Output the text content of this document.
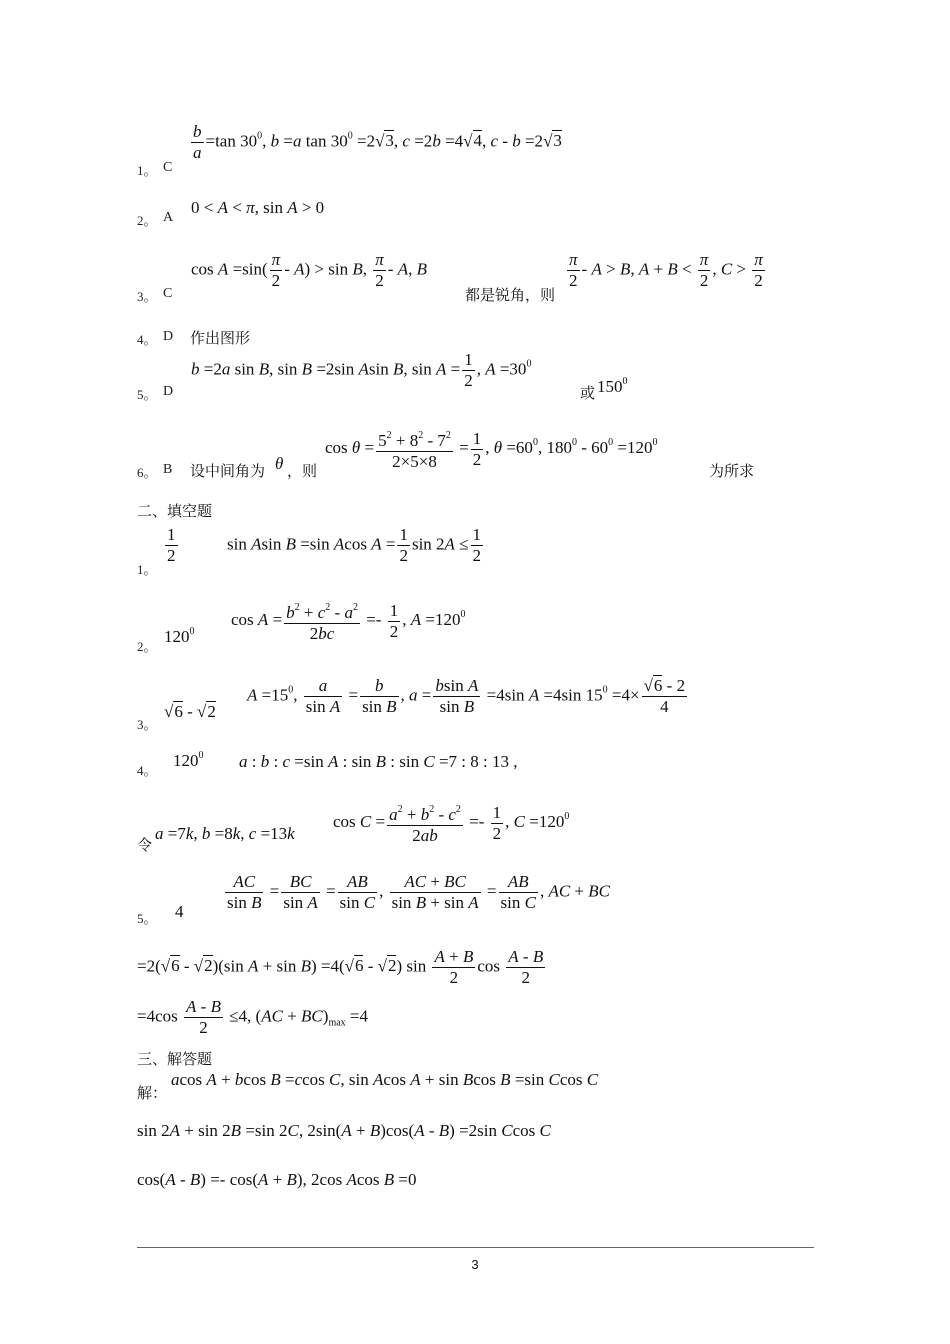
1。 C
$\frac{b}{a} =\tan$ $30^0$, b =a $\tan 30^0 =2√3$, c =2b =4√4, c - b =2√3
2。 A
0 < A < π, sin A > 0
3。 C
$\cos A =\sin( \frac{\pi}{2} - A) > \sin B$, $\frac{\pi}{2}$ - A, B
都是锐角，则
$\frac{\pi}{2} - A > B$, $A + B < \frac{\pi}{2}$ , $C > \frac{\pi}{2}$
4。 D 作出图形
5。 D
b =2a sin B, sin B =2sin Asin B, $\sin A = \frac{1}{2}$ , $A =30^0$
或 $150^0$
6。 B 设中间角为 θ ，则
$\cos \theta = \frac{5^2 + 8^2 - 7^2}{2\times 5\times 8} = \frac{1}{2}$ , $\theta =60^0$, $180^0 - 60^0 =120^0$
为所求
二、填空题
1。
$\frac{1}{2}$	sin Asin B =sin Acos $A = \frac{1}{2}$ $\sin 2A \le \frac{1}{2}$
2。
$120^0$
$\cos A = \frac{b^2 + c^2 - a^2}{2bc} =- \frac{1}{2}$ , $A =120^0$
3。
√6 - √2
$A =15^0$, $\frac{a}{\text{sin A}} = \frac{b}{\text{sin B}}$ , $a = \frac{\text{bsin A}}{\text{sin B}} =4\sin$ A =4sin $15^0 =4\times \frac{√6 - 2}{4}$
4。
$120^0$ a : b : c =sin A : sin B : sin C =7 : 8 : 13 ,
令
a =7k, b =8k, c =13k
$\cos C = \frac{a^2 + b^2 - c^2}{2ab} =- \frac{1}{2}$ , $C =120^0$
5。 $4 \frac{AC}{\text{sin B}} = \frac{BC}{\text{sin A}} = \frac{AB}{\text{sin C}}$ , $\frac{AC + BC}{\text{sin B + sin A}} = \frac{AB}{\text{sin C}}$ , AC + BC
=2(√6 - √2)(sin A + sin B) =4(√6 - √2) $\sin \frac{A + B}{2}$ $\cos \frac{A - B}{2}$
$=4\cos \frac{A - B}{2} \le 4$, $(AC + BC)_{max} =4$
三、解答题
解：
acos A + bcos B =ccos C, sin Acos A + sin Bcos B =sin Ccos C
sin 2A + sin 2B =sin 2C, 2sin(A + B)cos(A - B) =2sin Ccos C
cos(A - B) =- cos(A + B), 2cos Acos B =0
3
